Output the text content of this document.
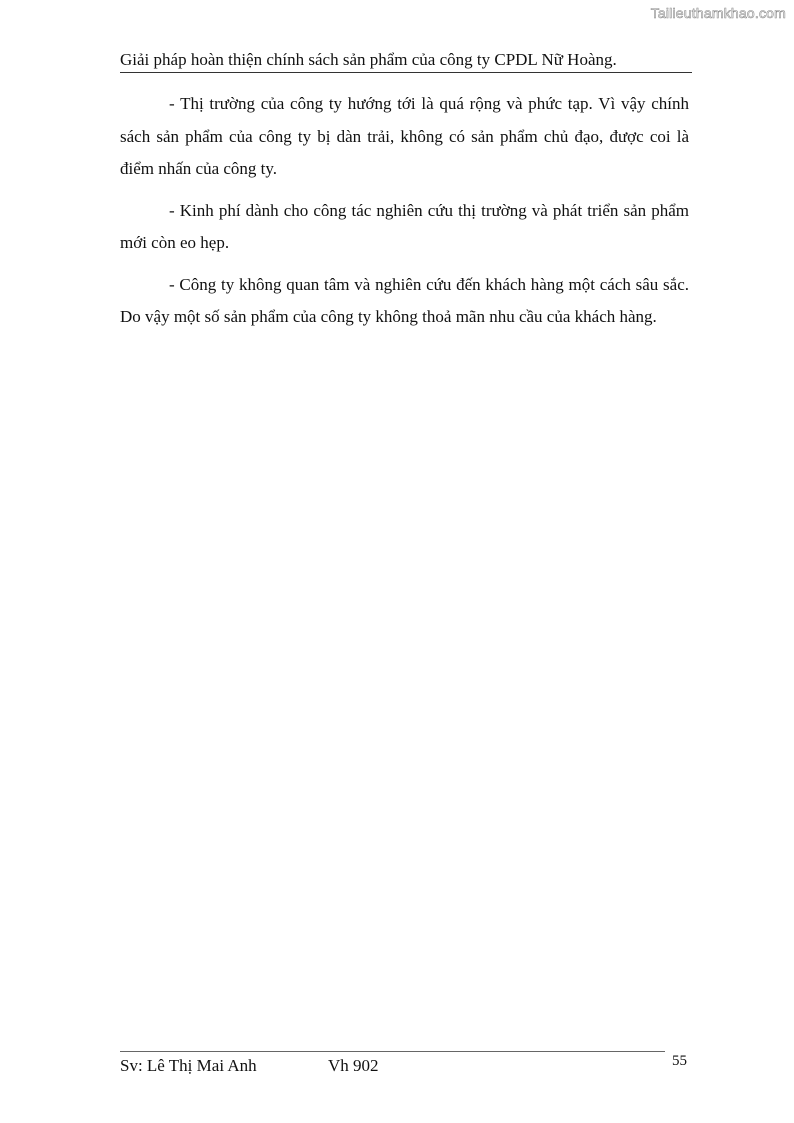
Tailieuthamkhao.com
Giải pháp hoàn thiện chính sách sản phẩm của công ty CPDL Nữ Hoàng.

- Thị trường của công ty hướng tới là quá rộng và phức tạp. Vì vậy chính sách sản phẩm của công ty bị dàn trải, không có sản phẩm chủ đạo, được coi là điểm nhấn của công ty.

- Kinh phí dành cho công tác nghiên cứu thị trường và phát triển sản phẩm mới còn eo hẹp.

- Công ty không quan tâm và nghiên cứu đến khách hàng một cách sâu sắc. Do vậy một số sản phẩm của công ty không thoả mãn nhu cầu của khách hàng.

Sv: Lê Thị Mai Anh	Vh 902	55
